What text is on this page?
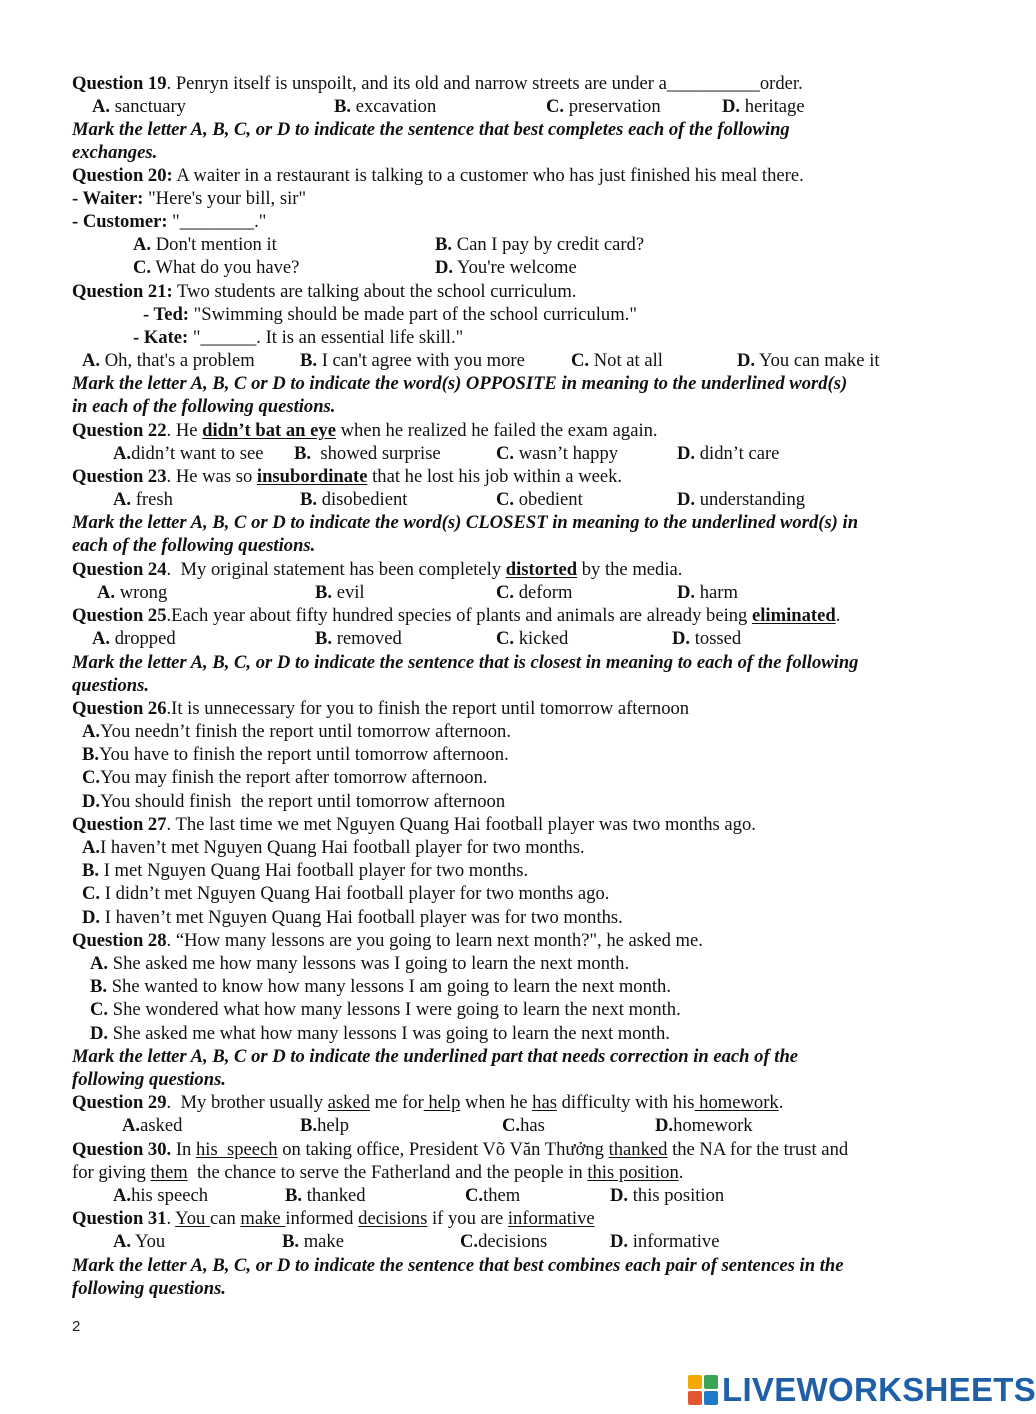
Question 19. Penryn itself is unspoilt, and its old and narrow streets are under a__________order.
A. sanctuary	B. excavation	C. preservation	D. heritage
Mark the letter A, B, C, or D to indicate the sentence that best completes each of the following
exchanges.
Question 20: A waiter in a restaurant is talking to a customer who has just finished his meal there.
- Waiter: "Here's your bill, sir"
- Customer: "________."
A. Don't mention it	B. Can I pay by credit card?
C. What do you have?	D. You're welcome
Question 21: Two students are talking about the school curriculum.
- Ted: "Swimming should be made part of the school curriculum."
- Kate: "______. It is an essential life skill."
A. Oh, that's a problem B. I can't agree with you more C. Not at all	D. You can make it
Mark the letter A, B, C or D to indicate the word(s) OPPOSITE in meaning to the underlined word(s)
in each of the following questions.
Question 22. He didn’t bat an eye when he realized he failed the exam again.
A.didn’t want to see B.  showed surprise	C. wasn’t happy	D. didn’t care
Question 23. He was so insubordinate that he lost his job within a week.
A. fresh	B. disobedient	C. obedient	D. understanding
Mark the letter A, B, C or D to indicate the word(s) CLOSEST in meaning to the underlined word(s) in
each of the following questions.
Question 24.  My original statement has been completely distorted by the media.
A. wrong	B. evil	C. deform	D. harm
Question 25.Each year about fifty hundred species of plants and animals are already being eliminated.
A. dropped	B. removed	C. kicked	D. tossed
Mark the letter A, B, C, or D to indicate the sentence that is closest in meaning to each of the following
questions.
Question 26.It is unnecessary for you to finish the report until tomorrow afternoon
A.You needn’t finish the report until tomorrow afternoon.
B.You have to finish the report until tomorrow afternoon.
C.You may finish the report after tomorrow afternoon.
D.You should finish  the report until tomorrow afternoon
Question 27. The last time we met Nguyen Quang Hai football player was two months ago.
A.I haven’t met Nguyen Quang Hai football player for two months.
B. I met Nguyen Quang Hai football player for two months.
C. I didn’t met Nguyen Quang Hai football player for two months ago.
D. I haven’t met Nguyen Quang Hai football player was for two months.
Question 28. “How many lessons are you going to learn next month?", he asked me.
A. She asked me how many lessons was I going to learn the next month.
B. She wanted to know how many lessons I am going to learn the next month.
C. She wondered what how many lessons I were going to learn the next month.
D. She asked me what how many lessons I was going to learn the next month.
Mark the letter A, B, C or D to indicate the underlined part that needs correction in each of the
following questions.
Question 29.  My brother usually asked me for help when he has difficulty with his homework.
A.asked	B.help	C.has	D.homework
Question 30. In his  speech on taking office, President Võ Văn Thưởng thanked the NA for the trust and
for giving them  the chance to serve the Fatherland and the people in this position.
A.his speech	B. thanked	C.them	D. this position
Question 31. You can make informed decisions if you are informative
A. You	B. make	C.decisions	D. informative
Mark the letter A, B, C, or D to indicate the sentence that best combines each pair of sentences in the
following questions.
2
LIVEWORKSHEETS
